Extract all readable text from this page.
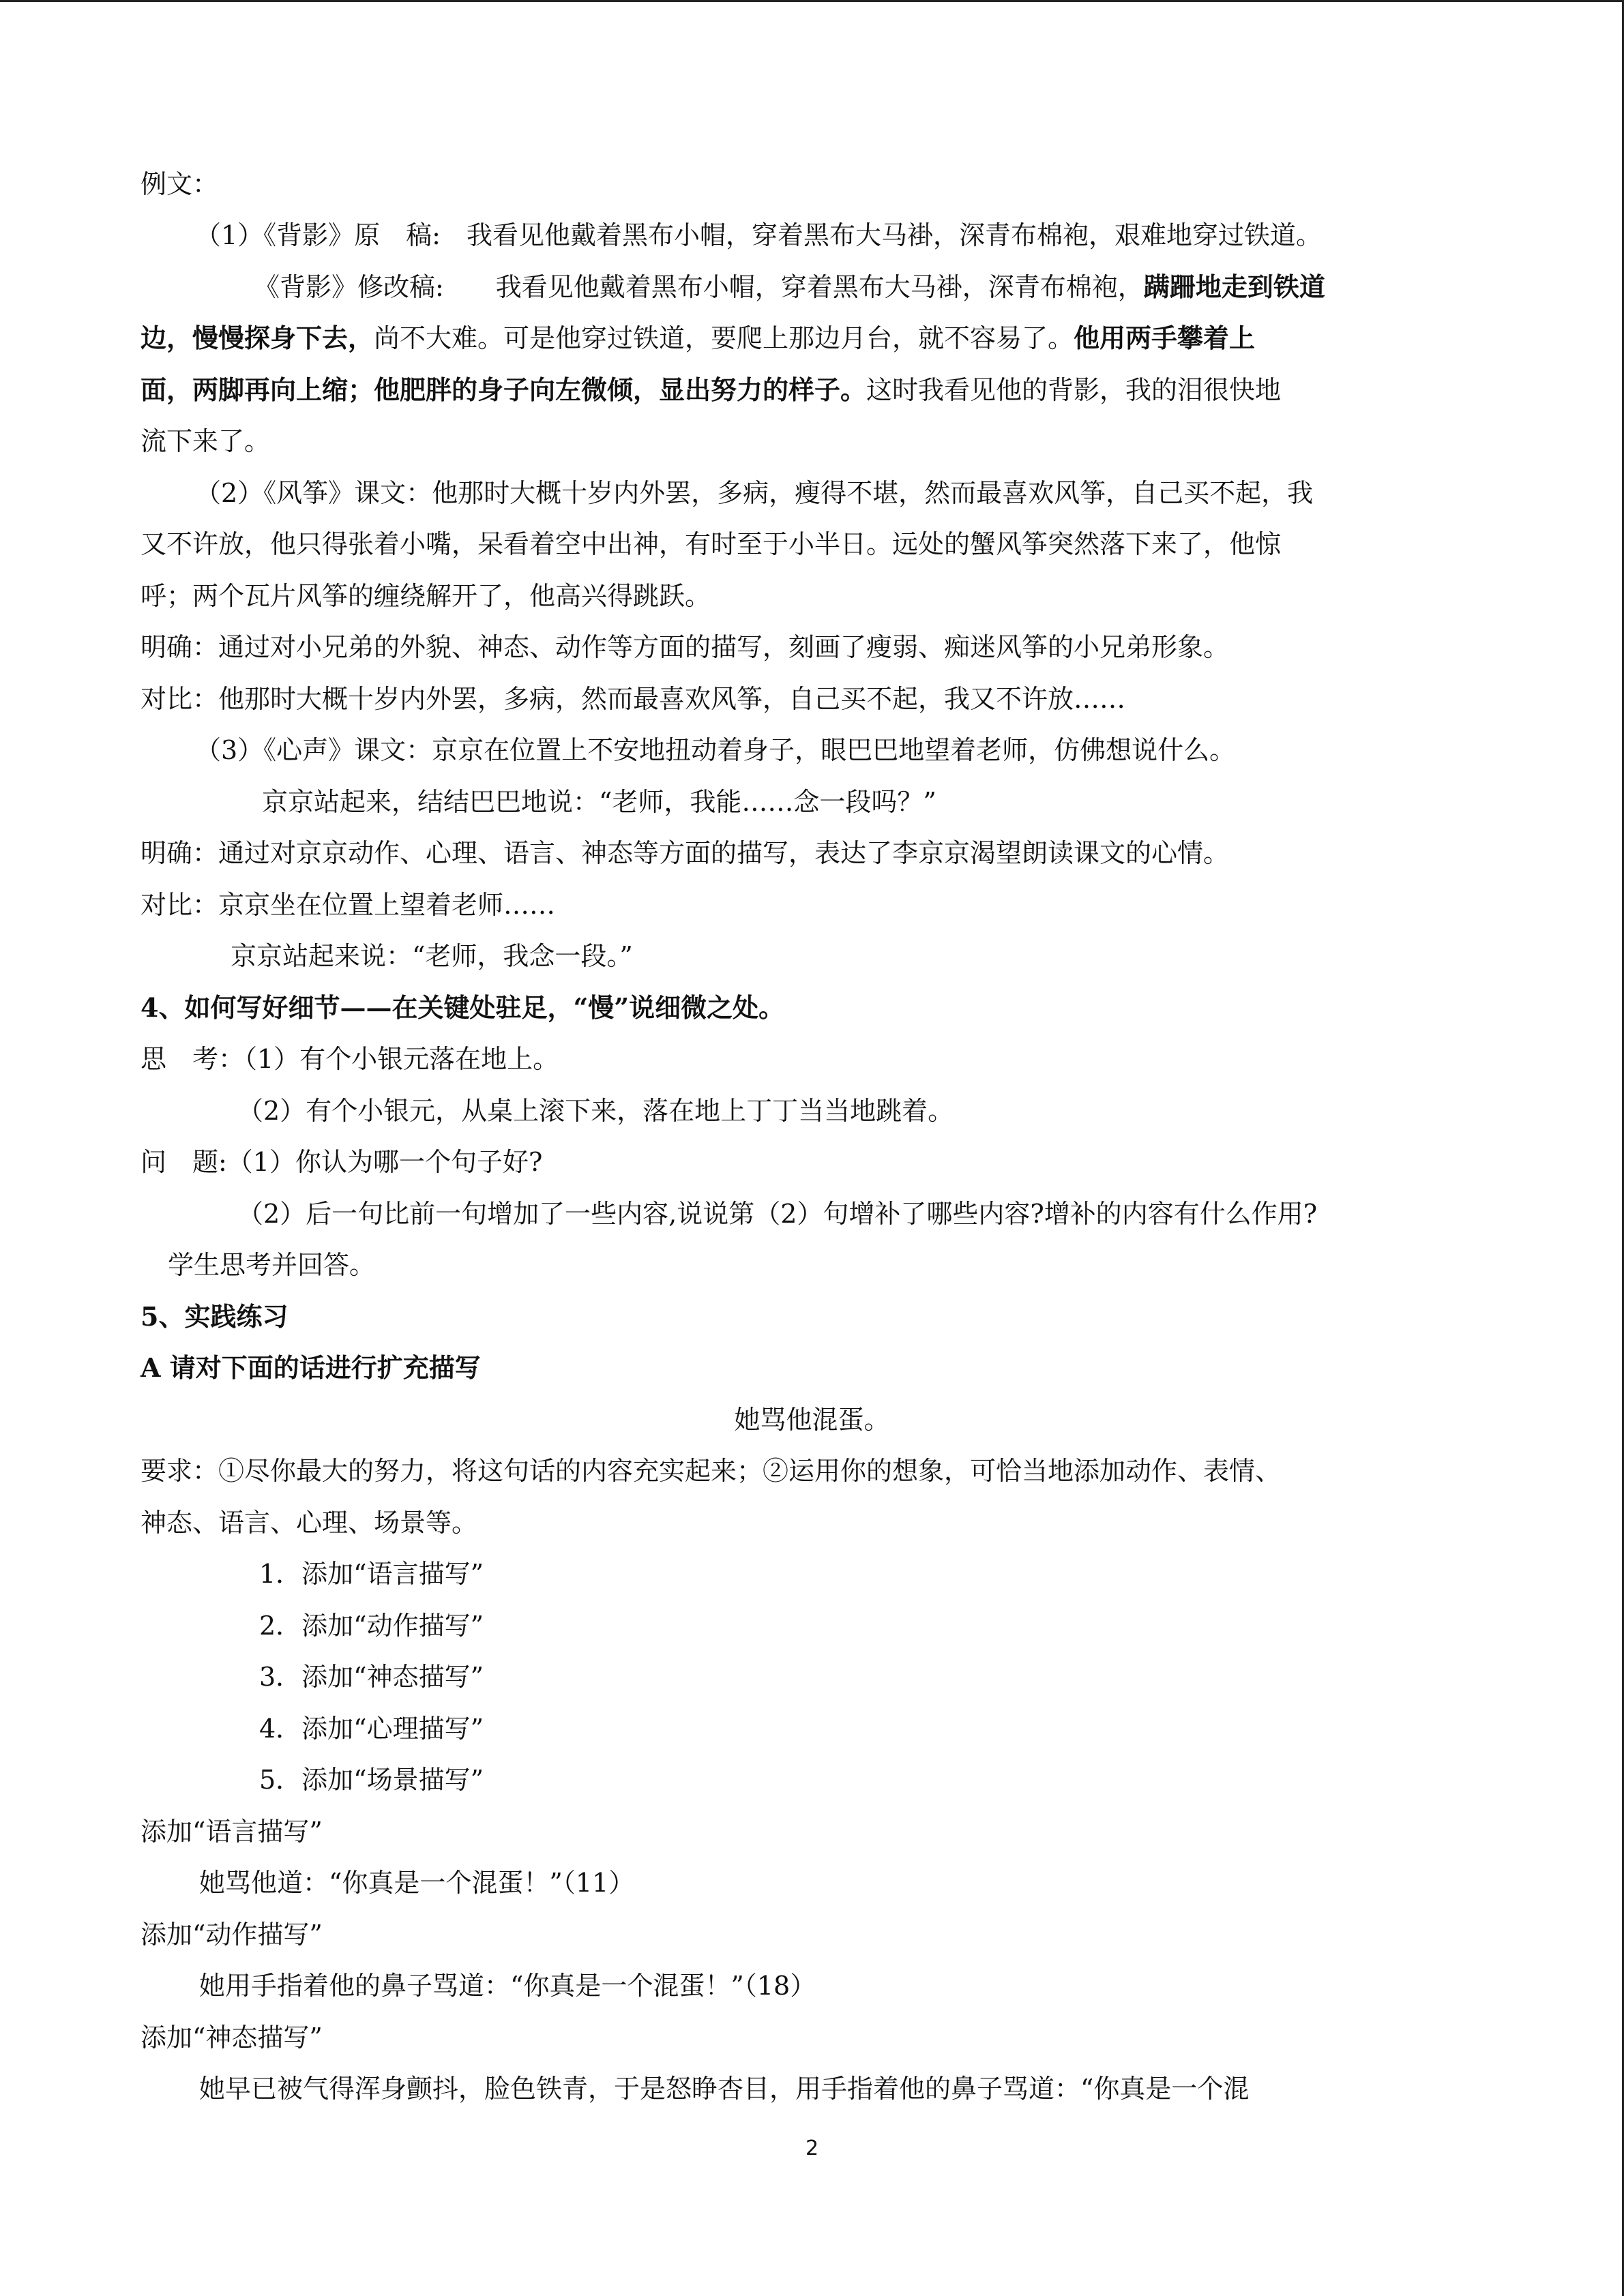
例文：
（1）《背影》原　稿:　我看见他戴着黑布小帽，穿着黑布大马褂，深青布棉袍，艰难地穿过铁道。
《背影》修改稿:　　我看见他戴着黑布小帽，穿着黑布大马褂，深青布棉袍，蹒跚地走到铁道
边，慢慢探身下去，尚不大难。可是他穿过铁道，要爬上那边月台，就不容易了。他用两手攀着上
面，两脚再向上缩；他肥胖的身子向左微倾，显出努力的样子。这时我看见他的背影，我的泪很快地
流下来了。
（2）《风筝》课文：他那时大概十岁内外罢，多病，瘦得不堪，然而最喜欢风筝，自己买不起，我
又不许放，他只得张着小嘴，呆看着空中出神，有时至于小半日。远处的蟹风筝突然落下来了，他惊
呼；两个瓦片风筝的缠绕解开了，他高兴得跳跃。
明确：通过对小兄弟的外貌、神态、动作等方面的描写，刻画了瘦弱、痴迷风筝的小兄弟形象。
对比：他那时大概十岁内外罢，多病，然而最喜欢风筝，自己买不起，我又不许放……
（3）《心声》课文：京京在位置上不安地扭动着身子，眼巴巴地望着老师，仿佛想说什么。
京京站起来，结结巴巴地说：“老师，我能……念一段吗？”
明确：通过对京京动作、心理、语言、神态等方面的描写，表达了李京京渴望朗读课文的心情。
对比：京京坐在位置上望着老师……
京京站起来说：“老师，我念一段。”
4、如何写好细节——在关键处驻足，“慢”说细微之处。
思　考：（1）有个小银元落在地上。
（2）有个小银元，从桌上滚下来，落在地上丁丁当当地跳着。
问　题:（1）你认为哪一个句子好?
（2）后一句比前一句增加了一些内容,说说第（2）句增补了哪些内容?增补的内容有什么作用?
学生思考并回答。
5、实践练习
A 请对下面的话进行扩充描写
她骂他混蛋。
要求：①尽你最大的努力，将这句话的内容充实起来；②运用你的想象，可恰当地添加动作、表情、
神态、语言、心理、场景等。
1．添加“语言描写”
2．添加“动作描写”
3．添加“神态描写”
4．添加“心理描写”
5．添加“场景描写”
添加“语言描写”
她骂他道：“你真是一个混蛋！”（11）
添加“动作描写”
她用手指着他的鼻子骂道：“你真是一个混蛋！”（18）
添加“神态描写”
她早已被气得浑身颤抖，脸色铁青，于是怒睁杏目，用手指着他的鼻子骂道：“你真是一个混
2
